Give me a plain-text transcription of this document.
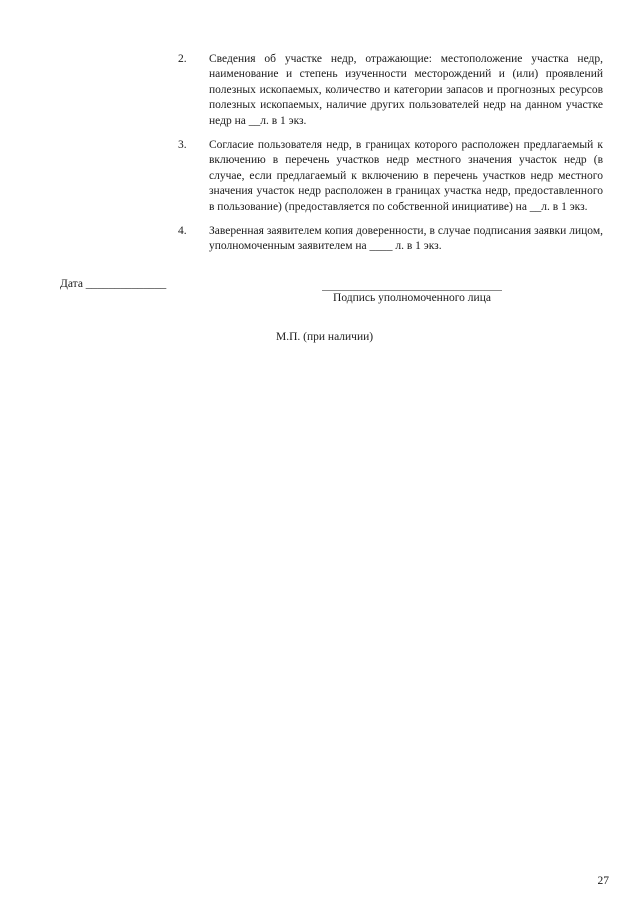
2.	Сведения об участке недр, отражающие: местоположение участка недр, наименование и степень изученности месторождений и (или) проявлений полезных ископаемых, количество и категории запасов и прогнозных ресурсов полезных ископаемых, наличие других пользователей недр на данном участке недр на __л. в 1 экз.
3.	Согласие пользователя недр, в границах которого расположен предлагаемый к включению в перечень участков недр местного значения участок недр (в случае, если предлагаемый к включению в перечень участков недр местного значения участок недр расположен в границах участка недр, предоставленного в пользование) (предоставляется по собственной инициативе) на __л. в 1 экз.
4.	Заверенная заявителем копия доверенности, в случае подписания заявки лицом, уполномоченным заявителем на ____ л. в 1 экз.
Дата ______________
Подпись уполномоченного лица
М.П. (при наличии)
27
